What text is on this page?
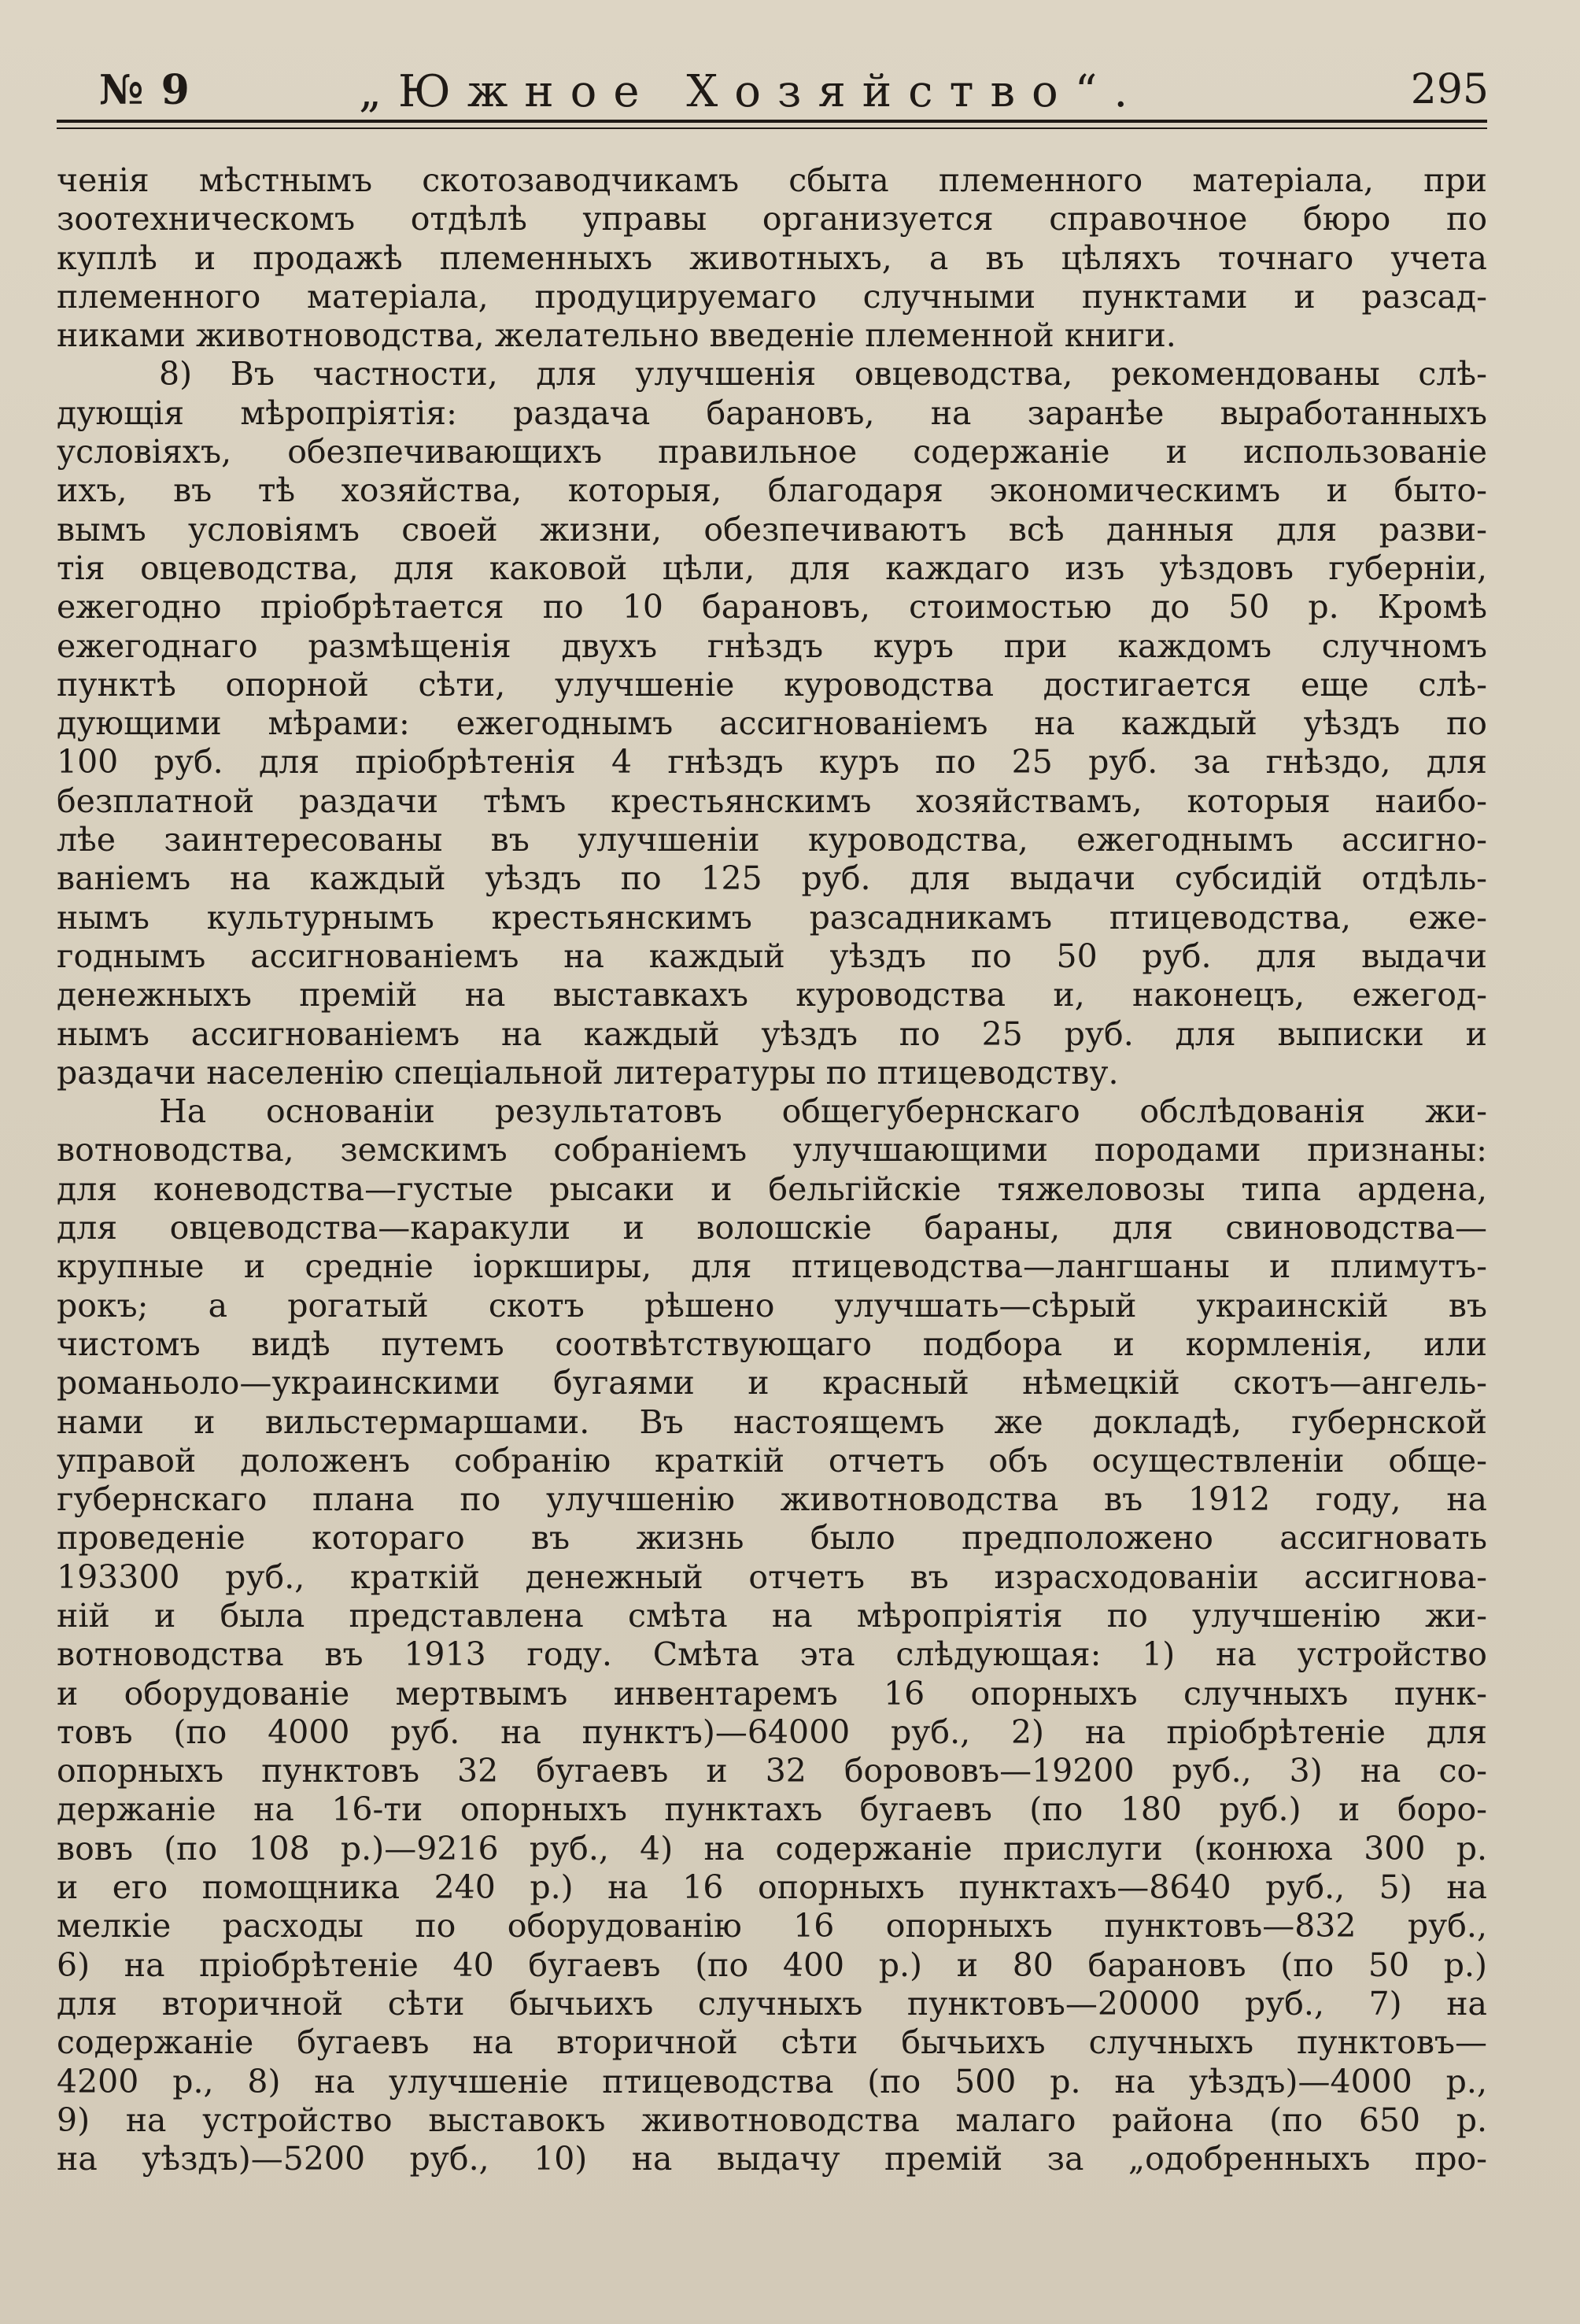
№ 9	„Южное Хозяйство“.	295
ченія мѣстнымъ скотозаводчикамъ сбыта племенного матеріала, при
зоотехническомъ отдѣлѣ управы организуется справочное бюро по
куплѣ и продажѣ племенныхъ животныхъ, а въ цѣляхъ точнаго учета
племенного матеріала, продуцируемаго случными пунктами и разсад-
никами животноводства, желательно введеніе племенной книги.
8) Въ частности, для улучшенія овцеводства, рекомендованы слѣ-
дующія мѣропріятія: раздача барановъ, на заранѣе выработанныхъ
условіяхъ, обезпечивающихъ правильное содержаніе и использованіе
ихъ, въ тѣ хозяйства, которыя, благодаря экономическимъ и быто-
вымъ условіямъ своей жизни, обезпечиваютъ всѣ данныя для разви-
тія овцеводства, для каковой цѣли, для каждаго изъ уѣздовъ губерніи,
ежегодно пріобрѣтается по 10 барановъ, стоимостью до 50 р. Кромѣ
ежегоднаго размѣщенія двухъ гнѣздъ куръ при каждомъ случномъ
пунктѣ опорной сѣти, улучшеніе куроводства достигается еще слѣ-
дующими мѣрами: ежегоднымъ ассигнованіемъ на каждый уѣздъ по
100 руб. для пріобрѣтенія 4 гнѣздъ куръ по 25 руб. за гнѣздо, для
безплатной раздачи тѣмъ крестьянскимъ хозяйствамъ, которыя наибо-
лѣе заинтересованы въ улучшеніи куроводства, ежегоднымъ ассигно-
ваніемъ на каждый уѣздъ по 125 руб. для выдачи субсидій отдѣль-
нымъ культурнымъ крестьянскимъ разсадникамъ птицеводства, еже-
годнымъ ассигнованіемъ на каждый уѣздъ по 50 руб. для выдачи
денежныхъ премій на выставкахъ куроводства и, наконецъ, ежегод-
нымъ ассигнованіемъ на каждый уѣздъ по 25 руб. для выписки и
раздачи населенію спеціальной литературы по птицеводству.
На основаніи результатовъ общегубернскаго обслѣдованія жи-
вотноводства, земскимъ собраніемъ улучшающими породами признаны:
для коневодства—густые рысаки и бельгійскіе тяжеловозы типа ардена,
для овцеводства—каракули и волошскіе бараны, для свиноводства—
крупные и средніе іоркширы, для птицеводства—лангшаны и плимутъ-
рокъ; а рогатый скотъ рѣшено улучшать—сѣрый украинскій въ
чистомъ видѣ путемъ соотвѣтствующаго подбора и кормленія, или
романьоло—украинскими бугаями и красный нѣмецкій скотъ—ангель-
нами и вильстермаршами. Въ настоящемъ же докладѣ, губернской
управой доложенъ собранію краткій отчетъ объ осуществленіи обще-
губернскаго плана по улучшенію животноводства въ 1912 году, на
проведеніе котораго въ жизнь было предположено ассигновать
193300 руб., краткій денежный отчетъ въ израсходованіи ассигнова-
ній и была представлена смѣта на мѣропріятія по улучшенію жи-
вотноводства въ 1913 году. Смѣта эта слѣдующая: 1) на устройство
и оборудованіе мертвымъ инвентаремъ 16 опорныхъ случныхъ пунк-
товъ (по 4000 руб. на пунктъ)—64000 руб., 2) на пріобрѣтеніе для
опорныхъ пунктовъ 32 бугаевъ и 32 борововъ—19200 руб., 3) на со-
держаніе на 16-ти опорныхъ пунктахъ бугаевъ (по 180 руб.) и боро-
вовъ (по 108 р.)—9216 руб., 4) на содержаніе прислуги (конюха 300 р.
и его помощника 240 р.) на 16 опорныхъ пунктахъ—8640 руб., 5) на
мелкіе расходы по оборудованію 16 опорныхъ пунктовъ—832 руб.,
6) на пріобрѣтеніе 40 бугаевъ (по 400 р.) и 80 барановъ (по 50 р.)
для вторичной сѣти бычьихъ случныхъ пунктовъ—20000 руб., 7) на
содержаніе бугаевъ на вторичной сѣти бычьихъ случныхъ пунктовъ—
4200 р., 8) на улучшеніе птицеводства (по 500 р. на уѣздъ)—4000 р.,
9) на устройство выставокъ животноводства малаго района (по 650 р.
на уѣздъ)—5200 руб., 10) на выдачу премій за „одобренныхъ про-
